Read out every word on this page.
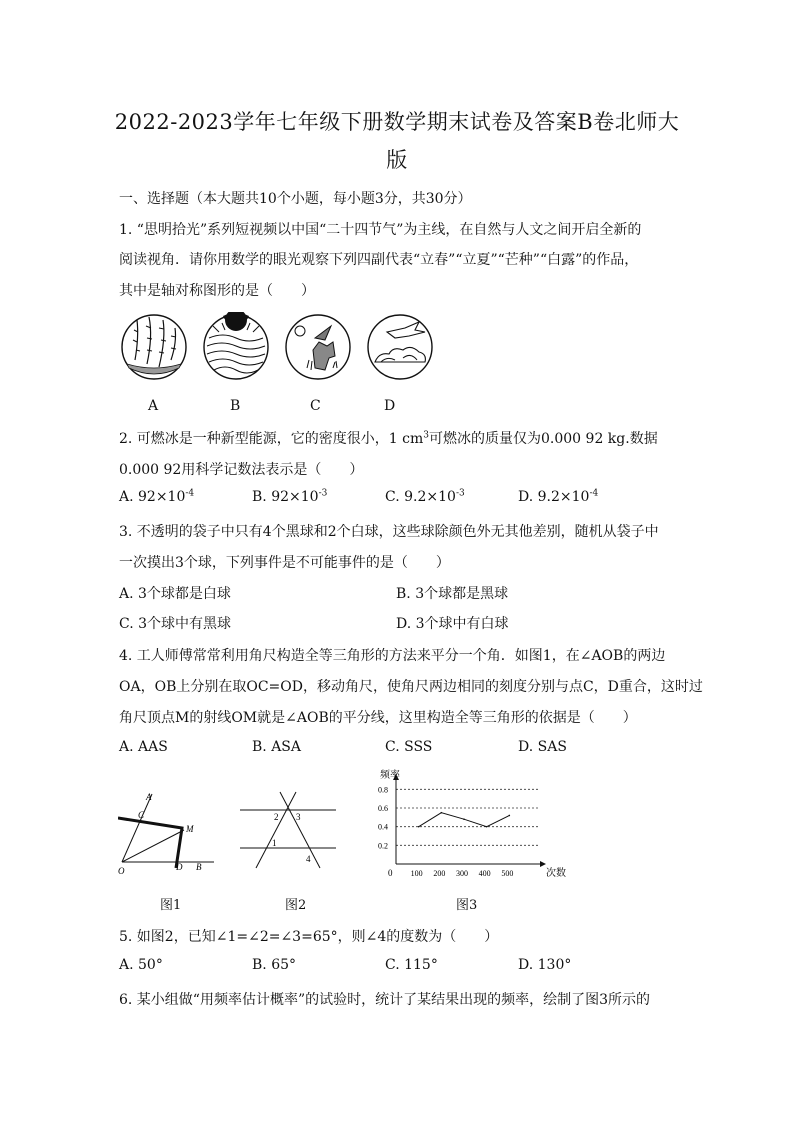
2022-2023学年七年级下册数学期末试卷及答案B卷北师大
版
一、选择题（本大题共10个小题，每小题3分，共30分）
1. “思明拾光”系列短视频以中国“二十四节气”为主线，在自然与人文之间开启全新的
阅读视角．请你用数学的眼光观察下列四副代表“立春”“立夏”“芒种”“白露”的作品，
其中是轴对称图形的是（　　）
A	B	C	D
2. 可燃冰是一种新型能源，它的密度很小，1 $cm^3$可燃冰的质量仅为0.000 92 kg.数据
0.000 92用科学记数法表示是（　　）
A. $92\times 10^{-4}$	B. $92\times 10^{-3}$	C. $9.2\times 10^{-3}$	D. $9.2\times 10^{-4}$
3. 不透明的袋子中只有4个黑球和2个白球，这些球除颜色外无其他差别，随机从袋子中
一次摸出3个球，下列事件是不可能事件的是（　　）
A. 3个球都是白球	B. 3个球都是黑球
C. 3个球中有黑球	D. 3个球中有白球
4. 工人师傅常常利用角尺构造全等三角形的方法来平分一个角．如图1，在∠AOB的两边
OA，OB上分别在取OC=OD，移动角尺，使角尺两边相同的刻度分别与点C，D重合，这时过
角尺顶点M的射线OM就是∠AOB的平分线，这里构造全等三角形的依据是（　　）
A. AAS	B. ASA	C. SSS	D. SAS
A
C
M
O	D B
图1
2 3
1
4
图2
频率
次数
0
0.8
0.6
0.4
0.2
100 200 300 400 500
图3
5. 如图2，已知∠1=∠2=∠3=65°，则∠4的度数为（　　）
A. 50°	B. 65°	C. 115°	D. 130°
6. 某小组做“用频率估计概率”的试验时，统计了某结果出现的频率，绘制了图3所示的
